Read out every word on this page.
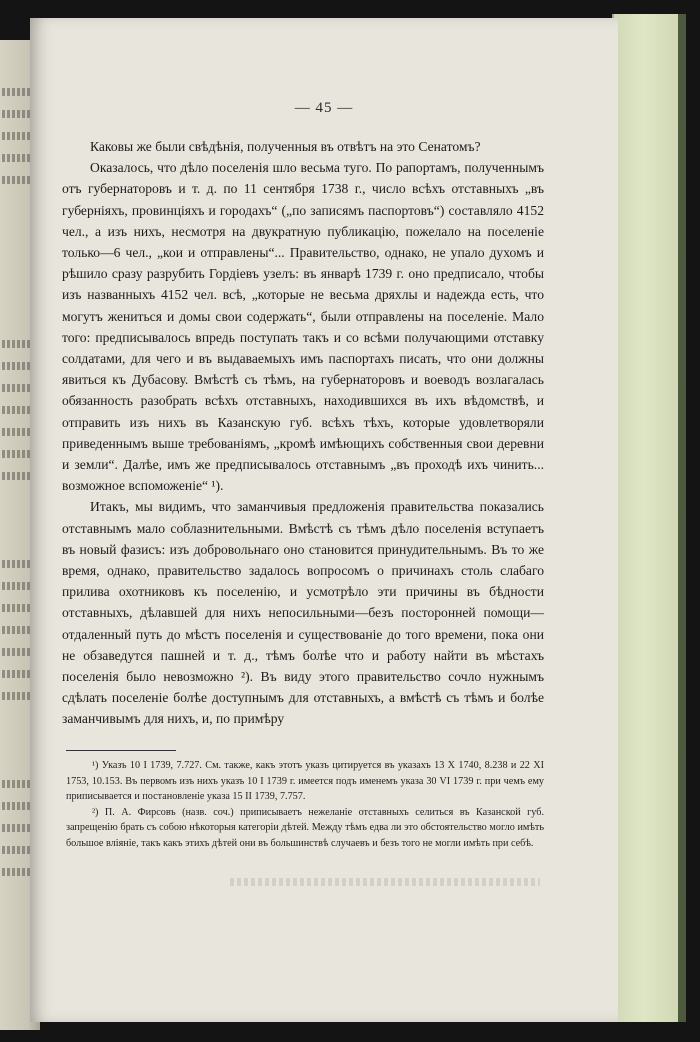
— 45 —

Каковы же были свѣдѣнія, полученныя въ отвѣтъ на это Сенатомъ?

Оказалось, что дѣло поселенія шло весьма туго. По рапортамъ, полученнымъ отъ губернаторовъ и т. д. по 11 сентября 1738 г., число всѣхъ отставныхъ „въ губерніяхъ, провинціяхъ и городахъ“ („по записямъ паспортовъ“) составляло 4152 чел., а изъ нихъ, несмотря на двукратную публикацію, пожелало на поселеніе только—6 чел., „кои и отправлены“... Правительство, однако, не упало духомъ и рѣшило сразу разрубить Гордіевъ узелъ: въ январѣ 1739 г. оно предписало, чтобы изъ названныхъ 4152 чел. всѣ, „которые не весьма дряхлы и надежда есть, что могутъ жениться и домы свои содержать“, были отправлены на поселеніе. Мало того: предписывалось впредь поступать такъ и со всѣми получающими отставку солдатами, для чего и въ выдаваемыхъ имъ паспортахъ писать, что они должны явиться къ Дубасову. Вмѣстѣ съ тѣмъ, на губернаторовъ и воеводъ возлагалась обязанность разобрать всѣхъ отставныхъ, находившихся въ ихъ вѣдомствѣ, и отправить изъ нихъ въ Казанскую губ. всѣхъ тѣхъ, которые удовлетворяли приведеннымъ выше требованіямъ, „кромѣ имѣющихъ собственныя свои деревни и земли“. Далѣе, имъ же предписывалось отставнымъ „въ проходѣ ихъ чинить... возможное вспоможеніе“ ¹).

Итакъ, мы видимъ, что заманчивыя предложенія правительства показались отставнымъ мало соблазнительными. Вмѣстѣ съ тѣмъ дѣло поселенія вступаетъ въ новый фазисъ: изъ добровольнаго оно становится принудительнымъ. Въ то же время, однако, правительство задалось вопросомъ о причинахъ столь слабаго прилива охотниковъ къ поселенію, и усмотрѣло эти причины въ бѣдности отставныхъ, дѣлавшей для нихъ непосильными—безъ посторонней помощи—отдаленный путь до мѣстъ поселенія и существованіе до того времени, пока они не обзаведутся пашней и т. д., тѣмъ болѣе что и работу найти въ мѣстахъ поселенія было невозможно ²). Въ виду этого правительство сочло нужнымъ сдѣлать поселеніе болѣе доступнымъ для отставныхъ, а вмѣстѣ съ тѣмъ и болѣе заманчивымъ для нихъ, и, по примѣру

¹) Указъ 10 I 1739, 7.727. См. также, какъ этотъ указъ цитируется въ указахъ 13 X 1740, 8.238 и 22 XI 1753, 10.153. Въ первомъ изъ нихъ указъ 10 I 1739 г. имеется подъ именемъ указа 30 VI 1739 г. при чемъ ему приписывается и постановленіе указа 15 II 1739, 7.757.

²) П. А. Фирсовъ (назв. соч.) приписываетъ нежеланіе отставныхъ селиться въ Казанской губ. запрещенію брать съ собою нѣкоторыя категоріи дѣтей. Между тѣмъ едва ли это обстоятельство могло имѣть большое вліяніе, такъ какъ этихъ дѣтей они въ большинствѣ случаевъ и безъ того не могли имѣть при себѣ.
